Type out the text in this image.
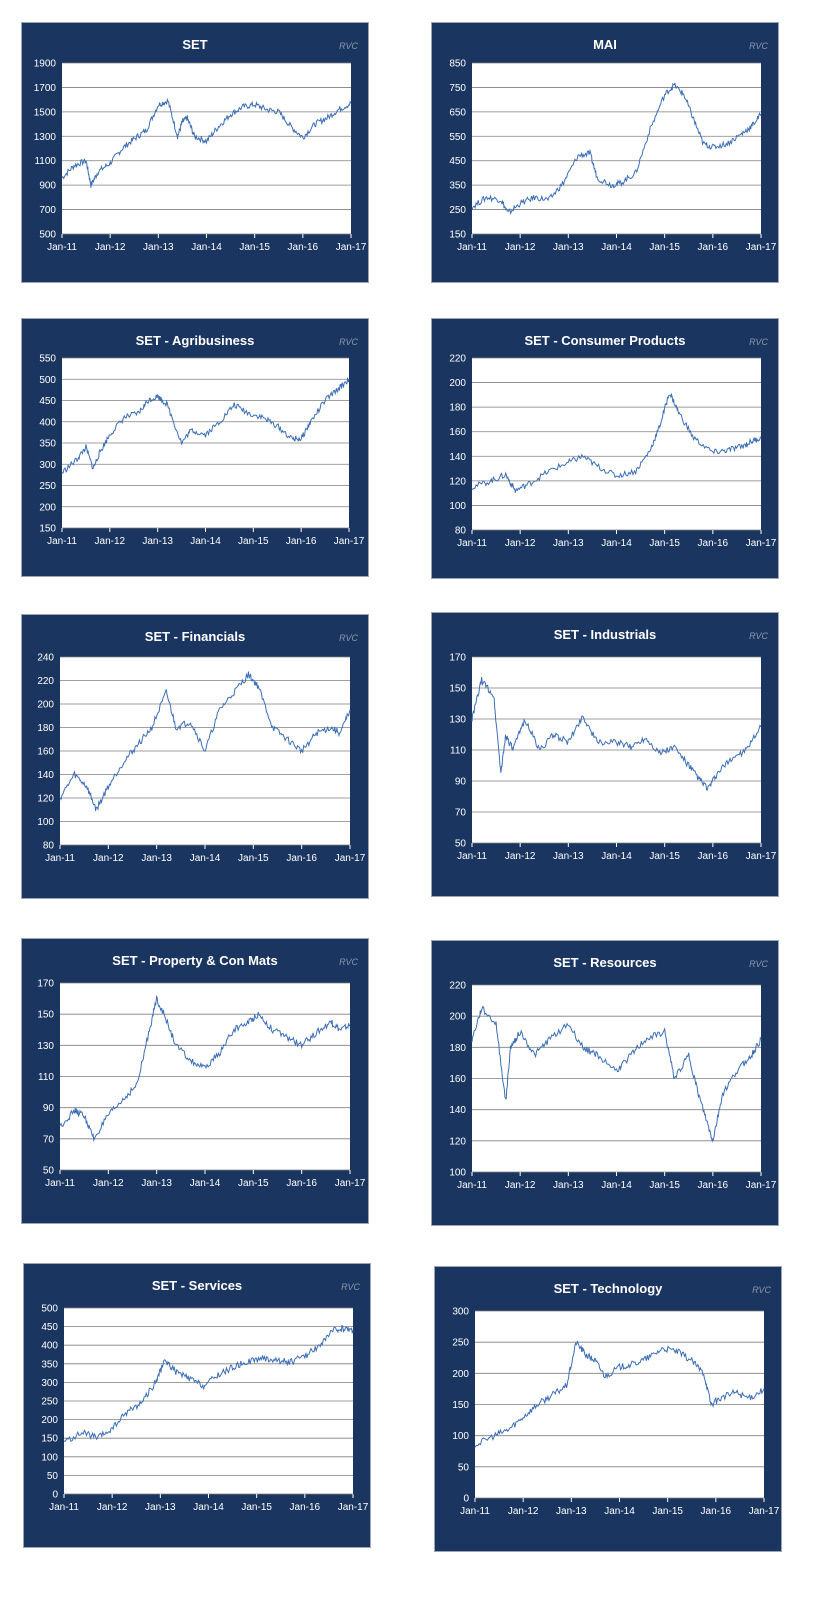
SET	RVC
500
700
900
1100
1300
1500
1700
1900
Jan-11 Jan-12 Jan-13 Jan-14 Jan-15 Jan-16 Jan-17
MAI	RVC
150
250
350
450
550
650
750
850
Jan-11 Jan-12 Jan-13 Jan-14 Jan-15 Jan-16 Jan-17
SET - Agribusiness	RVC
150
200
250
300
350
400
450
500
550
Jan-11 Jan-12 Jan-13 Jan-14 Jan-15 Jan-16 Jan-17
SET - Consumer Products	RVC
80
100
120
140
160
180
200
220
Jan-11 Jan-12 Jan-13 Jan-14 Jan-15 Jan-16 Jan-17
SET - Financials	RVC
80
100
120
140
160
180
200
220
240
Jan-11 Jan-12 Jan-13 Jan-14 Jan-15 Jan-16 Jan-17
SET - Industrials	RVC
50
70
90
110
130
150
170
Jan-11 Jan-12 Jan-13 Jan-14 Jan-15 Jan-16 Jan-17
SET - Property & Con Mats	RVC
50
70
90
110
130
150
170
Jan-11 Jan-12 Jan-13 Jan-14 Jan-15 Jan-16 Jan-17
SET - Resources	RVC
100
120
140
160
180
200
220
Jan-11 Jan-12 Jan-13 Jan-14 Jan-15 Jan-16 Jan-17
SET - Services	RVC
0
50
100
150
200
250
300
350
400
450
500
Jan-11 Jan-12 Jan-13 Jan-14 Jan-15 Jan-16 Jan-17
SET - Technology	RVC
0
50
100
150
200
250
300
Jan-11 Jan-12 Jan-13 Jan-14 Jan-15 Jan-16 Jan-17
